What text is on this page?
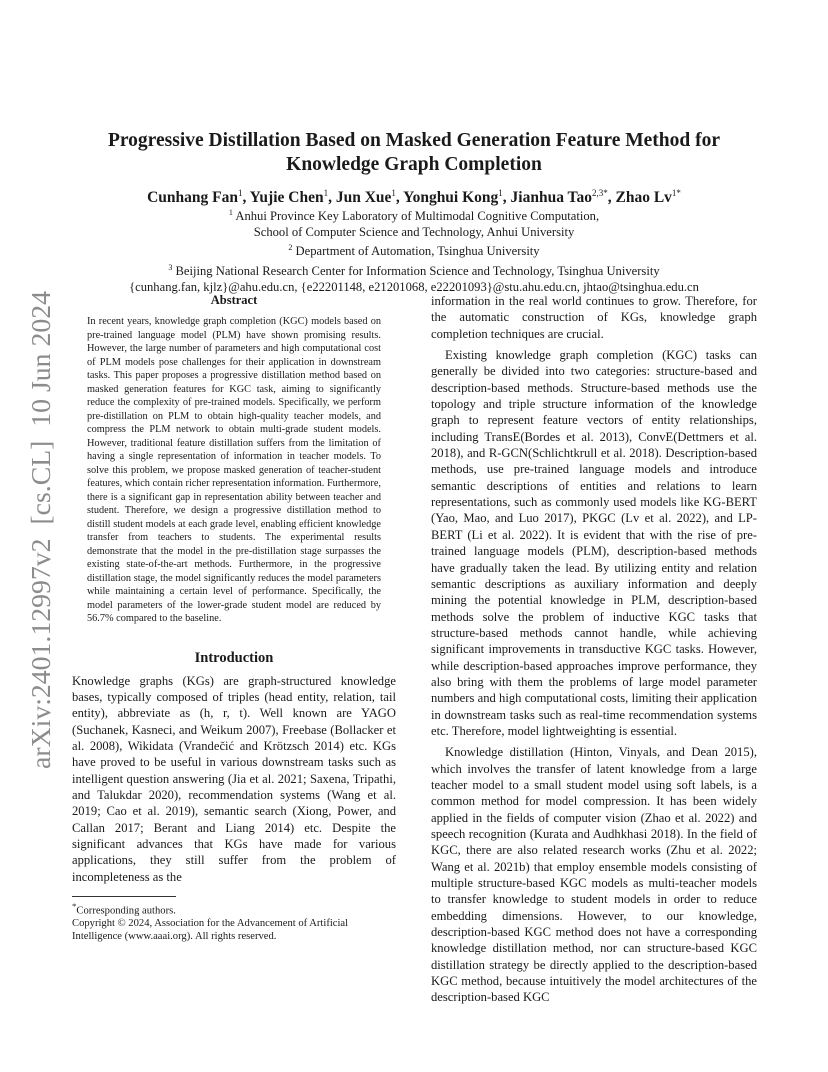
arXiv:2401.12997v2  [cs.CL]  10 Jun 2024
Progressive Distillation Based on Masked Generation Feature Method for Knowledge Graph Completion
Cunhang Fan$^1$, Yujie Chen$^1$, Jun Xue$^1$, Yonghui Kong$^1$, Jianhua Tao$^{2,3*}$, Zhao $Lv^{1*}$
$^1$ Anhui Province Key Laboratory of Multimodal Cognitive Computation,
School of Computer Science and Technology, Anhui University
$^2$ Department of Automation, Tsinghua University
$^3$ Beijing National Research Center for Information Science and Technology, Tsinghua University
{cunhang.fan, kjlz}@ahu.edu.cn, {e22201148, e21201068, e22201093}@stu.ahu.edu.cn, jhtao@tsinghua.edu.cn
Abstract

In recent years, knowledge graph completion (KGC) models based on pre-trained language model (PLM) have shown promising results. However, the large number of parameters and high computational cost of PLM models pose challenges for their application in downstream tasks. This paper proposes a progressive distillation method based on masked generation features for KGC task, aiming to significantly reduce the complexity of pre-trained models. Specifically, we perform pre-distillation on PLM to obtain high-quality teacher models, and compress the PLM network to obtain multi-grade student models. However, traditional feature distillation suffers from the limitation of having a single representation of information in teacher models. To solve this problem, we propose masked generation of teacher-student features, which contain richer representation information. Furthermore, there is a significant gap in representation ability between teacher and student. Therefore, we design a progressive distillation method to distill student models at each grade level, enabling efficient knowledge transfer from teachers to students. The experimental results demonstrate that the model in the pre-distillation stage surpasses the existing state-of-the-art methods. Furthermore, in the progressive distillation stage, the model significantly reduces the model parameters while maintaining a certain level of performance. Specifically, the model parameters of the lower-grade student model are reduced by 56.7% compared to the baseline.

Introduction

Knowledge graphs (KGs) are graph-structured knowledge bases, typically composed of triples (head entity, relation, tail entity), abbreviate as (h, r, t). Well known are YAGO (Suchanek, Kasneci, and Weikum 2007), Freebase (Bollacker et al. 2008), Wikidata (Vrandečić and Krötzsch 2014) etc. KGs have proved to be useful in various downstream tasks such as intelligent question answering (Jia et al. 2021; Saxena, Tripathi, and Talukdar 2020), recommendation systems (Wang et al. 2019; Cao et al. 2019), semantic search (Xiong, Power, and Callan 2017; Berant and Liang 2014) etc. Despite the significant advances that KGs have made for various applications, they still suffer from the problem of incompleteness as the

*Corresponding authors.

Copyright © 2024, Association for the Advancement of Artificial Intelligence (www.aaai.org). All rights reserved.

information in the real world continues to grow. Therefore, for the automatic construction of KGs, knowledge graph completion techniques are crucial.

Existing knowledge graph completion (KGC) tasks can generally be divided into two categories: structure-based and description-based methods. Structure-based methods use the topology and triple structure information of the knowledge graph to represent feature vectors of entity relationships, including TransE(Bordes et al. 2013), ConvE(Dettmers et al. 2018), and R-GCN(Schlichtkrull et al. 2018). Description-based methods, use pre-trained language models and introduce semantic descriptions of entities and relations to learn representations, such as commonly used models like KG-BERT (Yao, Mao, and Luo 2017), PKGC (Lv et al. 2022), and LP-BERT (Li et al. 2022). It is evident that with the rise of pre-trained language models (PLM), description-based methods have gradually taken the lead. By utilizing entity and relation semantic descriptions as auxiliary information and deeply mining the potential knowledge in PLM, description-based methods solve the problem of inductive KGC tasks that structure-based methods cannot handle, while achieving significant improvements in transductive KGC tasks. However, while description-based approaches improve performance, they also bring with them the problems of large model parameter numbers and high computational costs, limiting their application in downstream tasks such as real-time recommendation systems etc. Therefore, model lightweighting is essential.

Knowledge distillation (Hinton, Vinyals, and Dean 2015), which involves the transfer of latent knowledge from a large teacher model to a small student model using soft labels, is a common method for model compression. It has been widely applied in the fields of computer vision (Zhao et al. 2022) and speech recognition (Kurata and Audhkhasi 2018). In the field of KGC, there are also related research works (Zhu et al. 2022; Wang et al. 2021b) that employ ensemble models consisting of multiple structure-based KGC models as multi-teacher models to transfer knowledge to student models in order to reduce embedding dimensions. However, to our knowledge, description-based KGC method does not have a corresponding knowledge distillation method, nor can structure-based KGC distillation strategy be directly applied to the description-based KGC method, because intuitively the model architectures of the description-based KGC
